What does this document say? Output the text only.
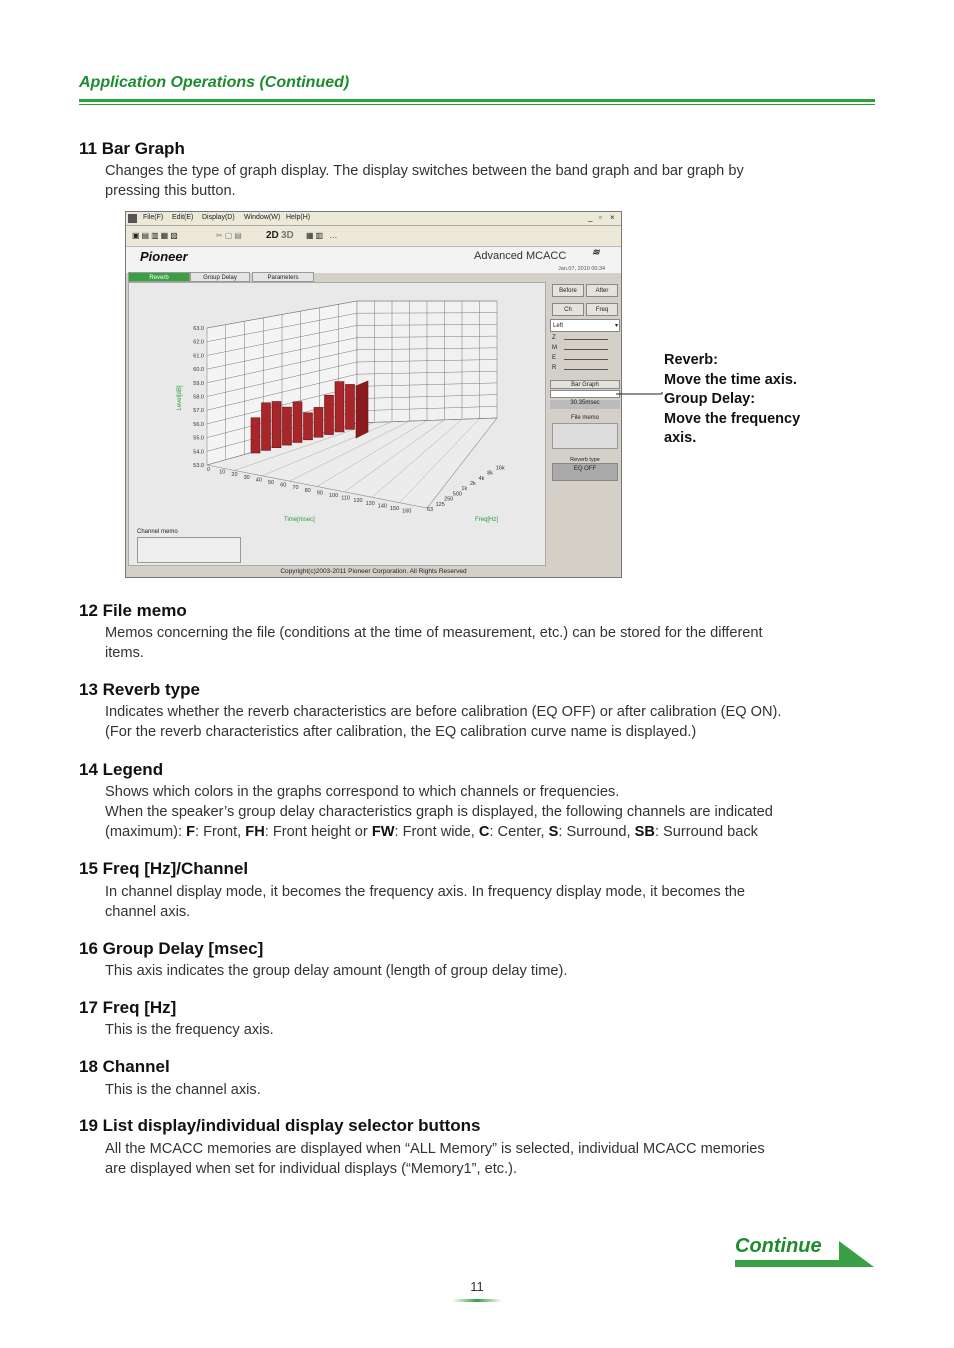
Application Operations (Continued)
11 Bar Graph
Changes the type of graph display. The display switches between the band graph and bar graph by
pressing this button.
File(F) Edit(E) Display(D) Window(W) Help(H)	_ ▫ ×
▣▤▥▦▧	✂▢▤ 2D 3D ▦▥ …
Pioneer	Advanced MCACC	≋
Jan.07, 2010 00:34
Reverb	Group Delay	Parameters
63.0
62.0
61.0
60.0
59.0
58.0
57.0
56.0
55.0
54.0
53.0
Level[dB]
0 10 20 30 40 50 60 70 80 90 100 110 120 130 140 150 160
Time[msec]
63
125
250
500
1k
2k
4k
8k
16k
Freq[Hz]
Channel memo
Before	After
Ch	Freq
Left	▾
Z
M
E
R
Bar Graph
30.35msec
File memo
Reverb type
EQ OFF
Copyright(c)2003-2011 Pioneer Corporation. All Rights Reserved
Reverb:
Move the time axis.
Group Delay:
Move the frequency
axis.
12 File memo
Memos concerning the file (conditions at the time of measurement, etc.) can be stored for the different
items.
13 Reverb type
Indicates whether the reverb characteristics are before calibration (EQ OFF) or after calibration (EQ ON).
(For the reverb characteristics after calibration, the EQ calibration curve name is displayed.)
14 Legend
Shows which colors in the graphs correspond to which channels or frequencies.
When the speaker’s group delay characteristics graph is displayed, the following channels are indicated
(maximum): F: Front, FH: Front height or FW: Front wide, C: Center, S: Surround, SB: Surround back
15 Freq [Hz]/Channel
In channel display mode, it becomes the frequency axis. In frequency display mode, it becomes the
channel axis.
16 Group Delay [msec]
This axis indicates the group delay amount (length of group delay time).
17 Freq [Hz]
This is the frequency axis.
18 Channel
This is the channel axis.
19 List display/individual display selector buttons
All the MCACC memories are displayed when “ALL Memory” is selected, individual MCACC memories
are displayed when set for individual displays (“Memory1”, etc.).
Continue
11
